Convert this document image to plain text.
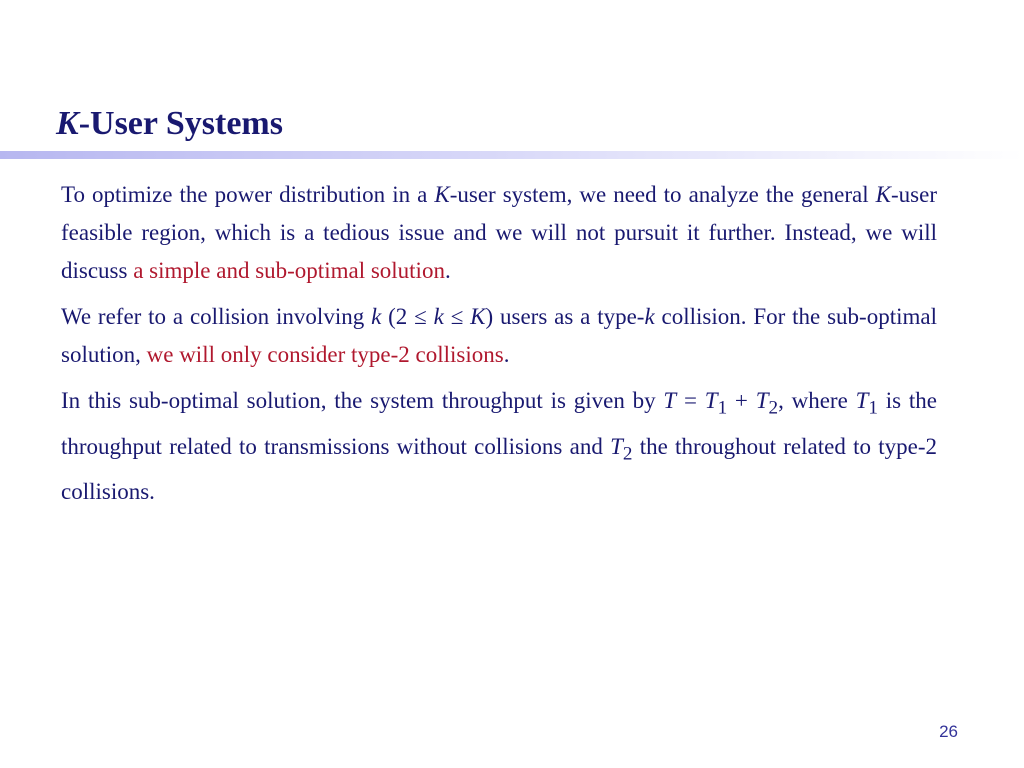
K-User Systems

To optimize the power distribution in a K-user system, we need to analyze the general K-user feasible region, which is a tedious issue and we will not pursuit it further. Instead, we will discuss a simple and sub-optimal solution.

We refer to a collision involving k (2 ≤ k ≤ K) users as a type-k collision. For the sub-optimal solution, we will only consider type-2 collisions.

In this sub-optimal solution, the system throughput is given by $T = T_1 + T_2$, where $T_1$ is the throughput related to transmissions without collisions and $T_2$ the throughout related to type-2 collisions.

26
